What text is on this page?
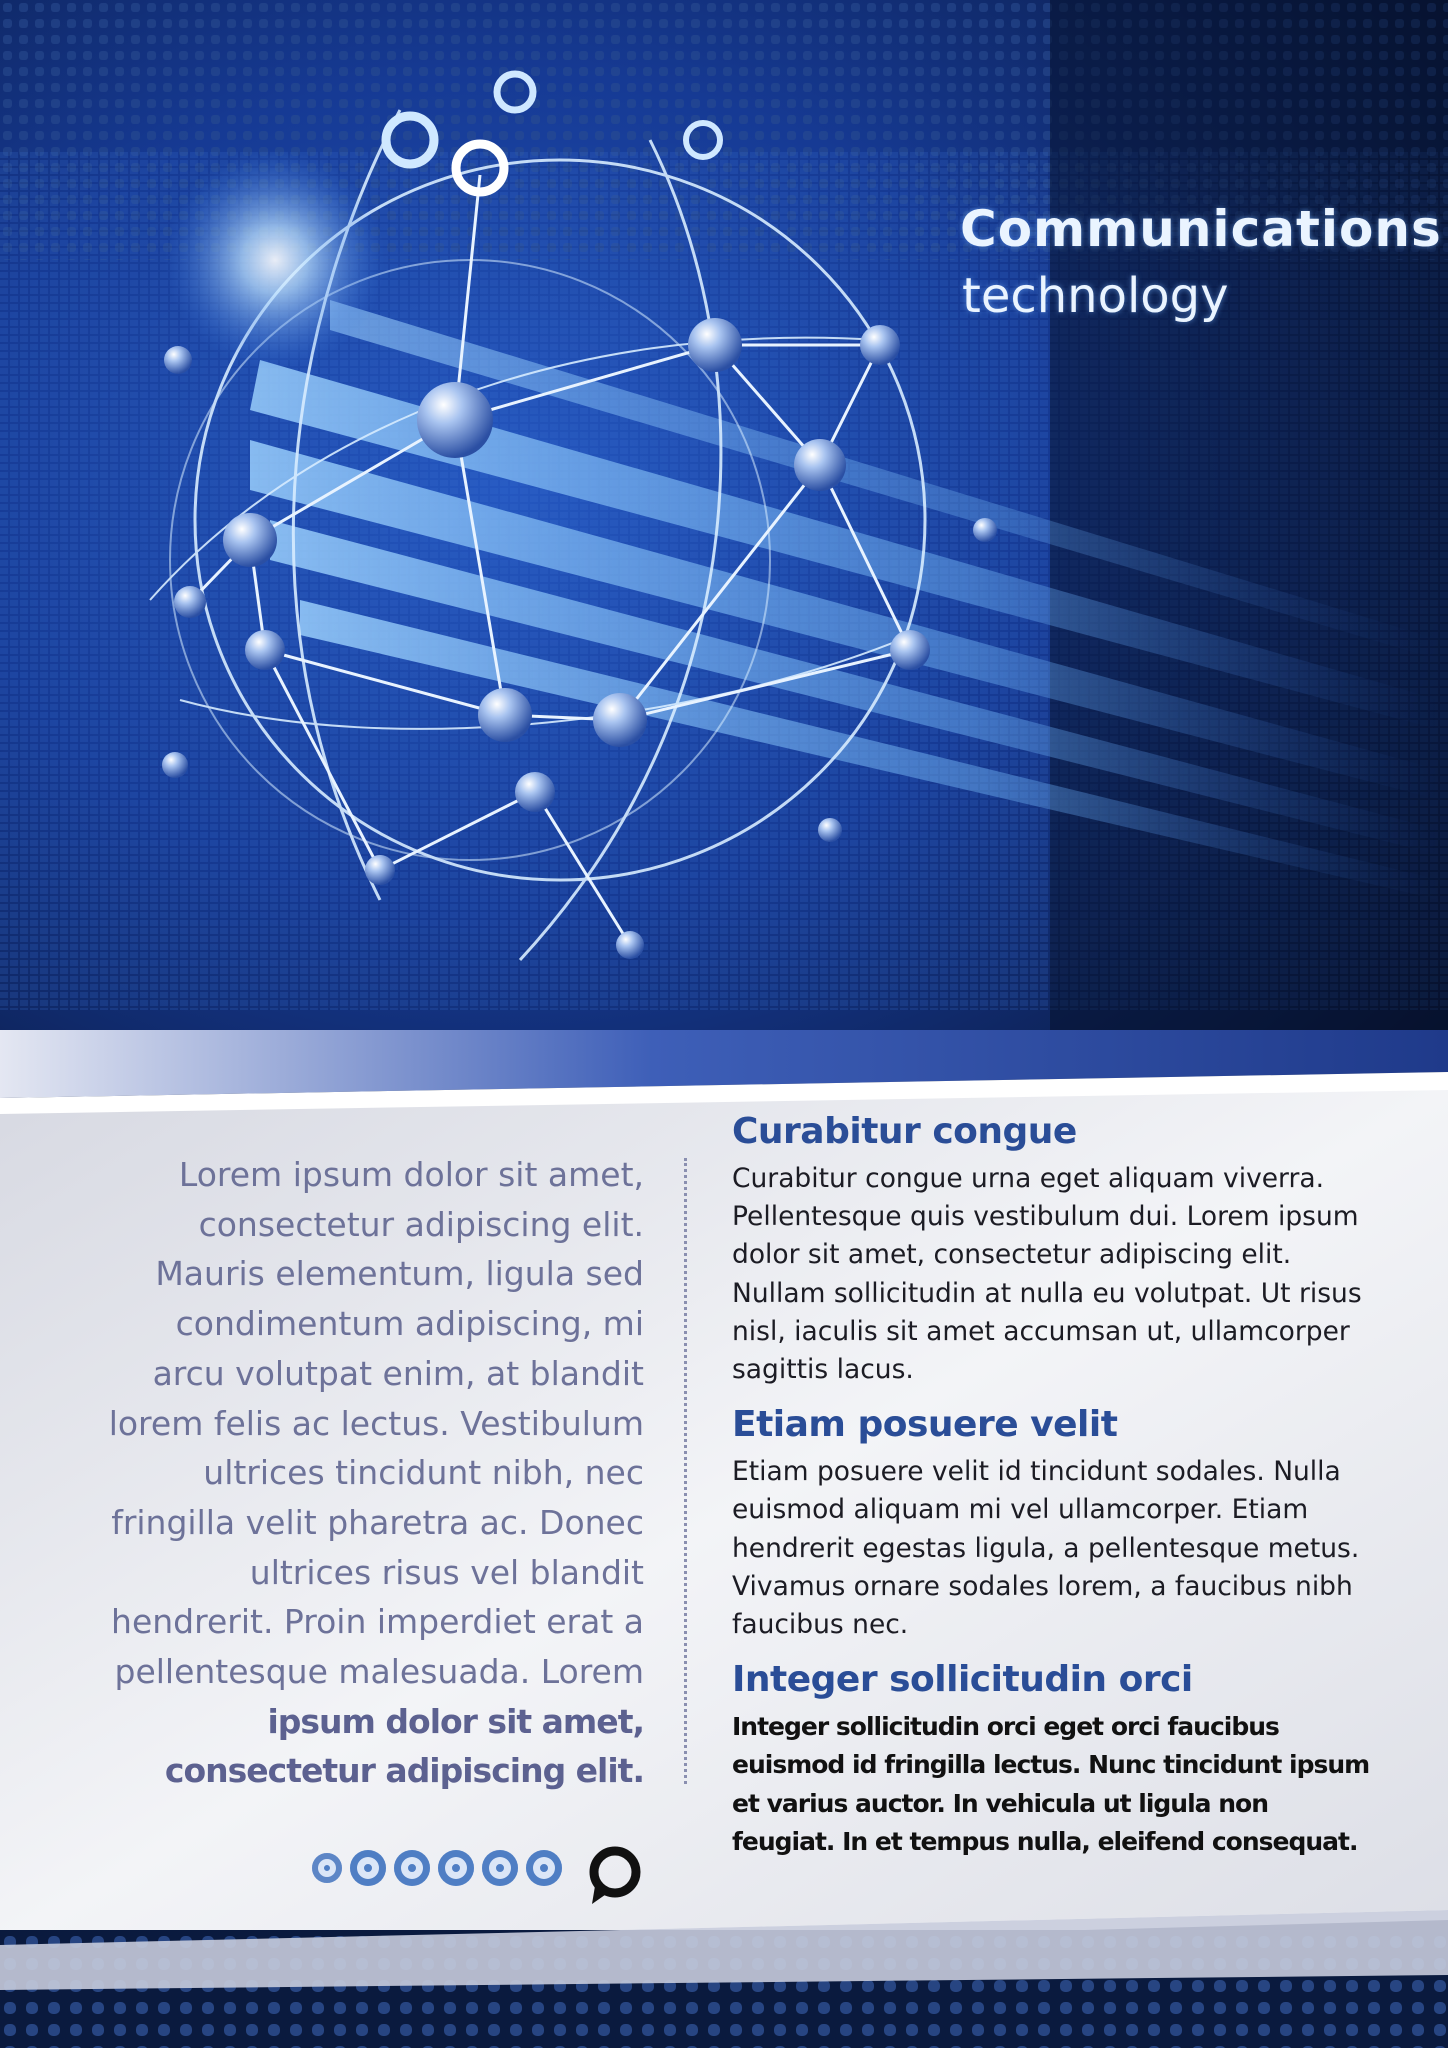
Communications
technology
Lorem ipsum dolor sit amet,
consectetur adipiscing elit.
Mauris elementum, ligula sed
condimentum adipiscing, mi
arcu volutpat enim, at blandit
lorem felis ac lectus. Vestibulum
ultrices tincidunt nibh, nec
fringilla velit pharetra ac. Donec
ultrices risus vel blandit
hendrerit. Proin imperdiet erat a
pellentesque malesuada. Lorem
ipsum dolor sit amet,
consectetur adipiscing elit.
Curabitur congue

Curabitur congue urna eget aliquam viverra. Pellentesque quis vestibulum dui. Lorem ipsum dolor sit amet, consectetur adipiscing elit. Nullam sollicitudin at nulla eu volutpat. Ut risus nisl, iaculis sit amet accumsan ut, ullamcorper sagittis lacus.

Etiam posuere velit

Etiam posuere velit id tincidunt sodales. Nulla euismod aliquam mi vel ullamcorper. Etiam hendrerit egestas ligula, a pellentesque metus. Vivamus ornare sodales lorem, a faucibus nibh faucibus nec.

Integer sollicitudin orci

Integer sollicitudin orci eget orci faucibus euismod id fringilla lectus. Nunc tincidunt ipsum et varius auctor. In vehicula ut ligula non feugiat. In et tempus nulla, eleifend consequat.
